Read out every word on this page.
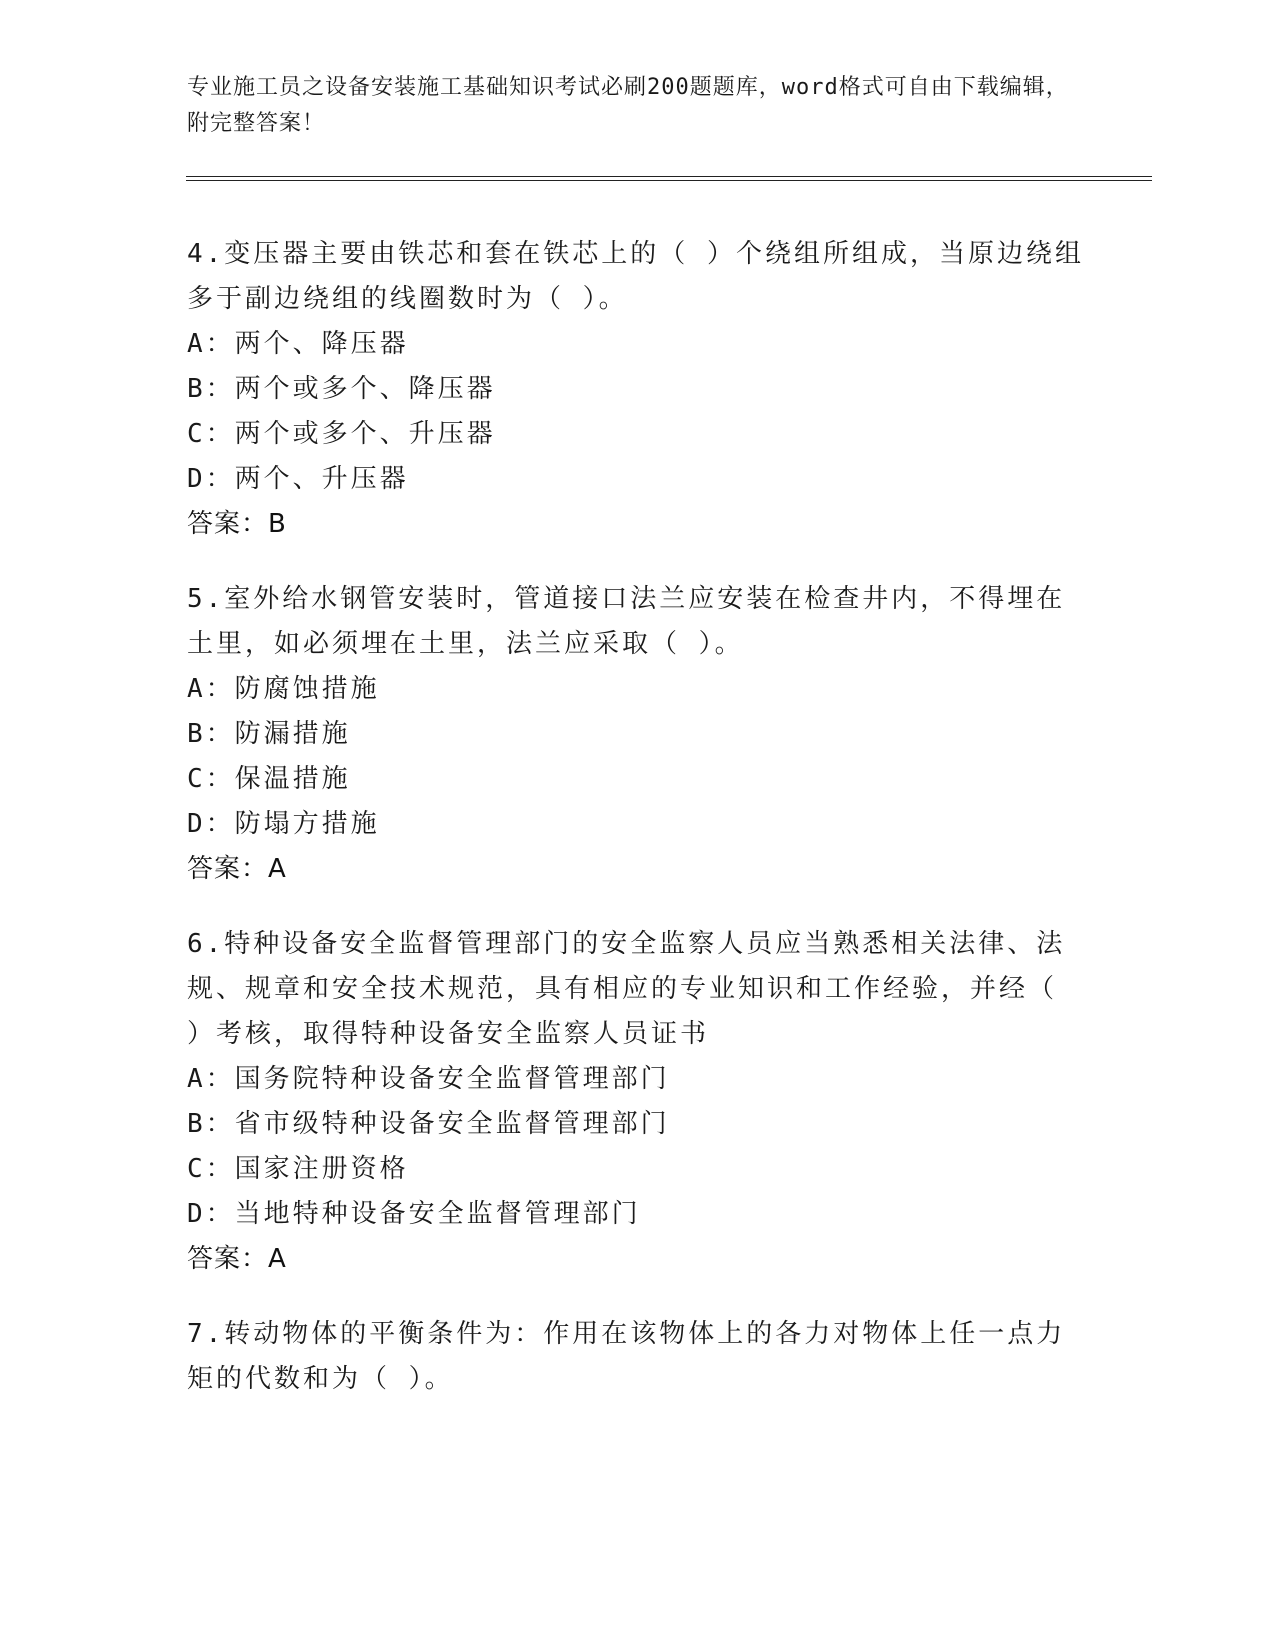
专业施工员之设备安装施工基础知识考试必刷200题题库，word格式可自由下载编辑，附完整答案！
4.变压器主要由铁芯和套在铁芯上的（ ）个绕组所组成，当原边绕组多于副边绕组的线圈数时为（ ）。
A：两个、降压器
B：两个或多个、降压器
C：两个或多个、升压器
D：两个、升压器
答案：B
5.室外给水钢管安装时，管道接口法兰应安装在检查井内，不得埋在土里，如必须埋在土里，法兰应采取（ ）。
A：防腐蚀措施
B：防漏措施
C：保温措施
D：防塌方措施
答案：A
6.特种设备安全监督管理部门的安全监察人员应当熟悉相关法律、法规、规章和安全技术规范，具有相应的专业知识和工作经验，并经（ ）考核，取得特种设备安全监察人员证书
A：国务院特种设备安全监督管理部门
B：省市级特种设备安全监督管理部门
C：国家注册资格
D：当地特种设备安全监督管理部门
答案：A
7.转动物体的平衡条件为：作用在该物体上的各力对物体上任一点力矩的代数和为（ ）。
